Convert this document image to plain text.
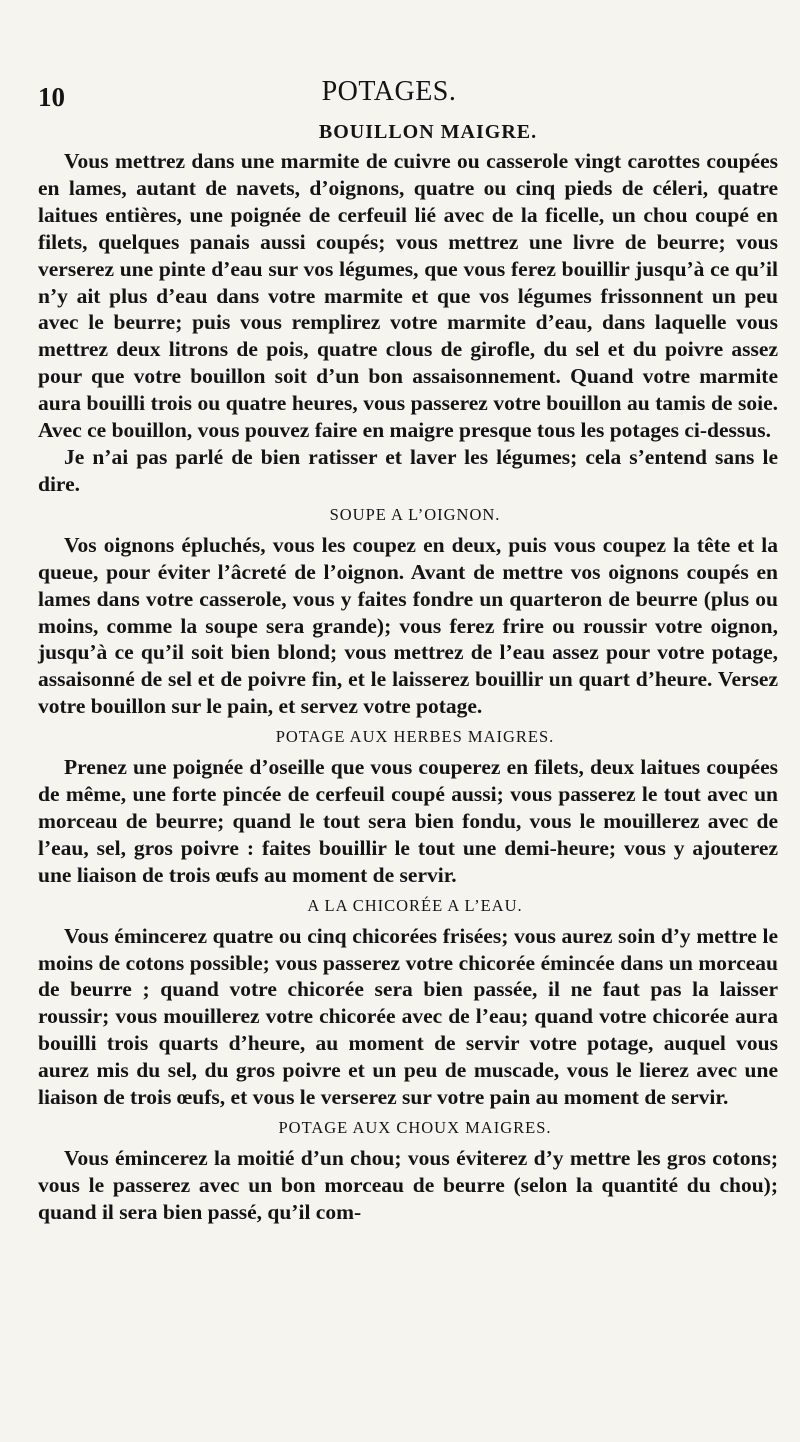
10	POTAGES.
BOUILLON MAIGRE.

Vous mettrez dans une marmite de cuivre ou casserole vingt carottes coupées en lames, autant de navets, d’oignons, quatre ou cinq pieds de céleri, quatre laitues entières, une poignée de cerfeuil lié avec de la ficelle, un chou coupé en filets, quelques panais aussi coupés; vous mettrez une livre de beurre; vous verserez une pinte d’eau sur vos légumes, que vous ferez bouillir jusqu’à ce qu’il n’y ait plus d’eau dans votre marmite et que vos légumes frissonnent un peu avec le beurre; puis vous remplirez votre marmite d’eau, dans laquelle vous mettrez deux litrons de pois, quatre clous de girofle, du sel et du poivre assez pour que votre bouillon soit d’un bon assaisonnement. Quand votre marmite aura bouilli trois ou quatre heures, vous passerez votre bouillon au tamis de soie. Avec ce bouillon, vous pouvez faire en maigre presque tous les potages ci-dessus.

Je n’ai pas parlé de bien ratisser et laver les légumes; cela s’entend sans le dire.

SOUPE A L’OIGNON.

Vos oignons épluchés, vous les coupez en deux, puis vous coupez la tête et la queue, pour éviter l’âcreté de l’oignon. Avant de mettre vos oignons coupés en lames dans votre casserole, vous y faites fondre un quarteron de beurre (plus ou moins, comme la soupe sera grande); vous ferez frire ou roussir votre oignon, jusqu’à ce qu’il soit bien blond; vous mettrez de l’eau assez pour votre potage, assaisonné de sel et de poivre fin, et le laisserez bouillir un quart d’heure. Versez votre bouillon sur le pain, et servez votre potage.

POTAGE AUX HERBES MAIGRES.

Prenez une poignée d’oseille que vous couperez en filets, deux laitues coupées de même, une forte pincée de cerfeuil coupé aussi; vous passerez le tout avec un morceau de beurre; quand le tout sera bien fondu, vous le mouillerez avec de l’eau, sel, gros poivre : faites bouillir le tout une demi-heure; vous y ajouterez une liaison de trois œufs au moment de servir.

A LA CHICORÉE A L’EAU.

Vous émincerez quatre ou cinq chicorées frisées; vous aurez soin d’y mettre le moins de cotons possible; vous passerez votre chicorée émincée dans un morceau de beurre ; quand votre chicorée sera bien passée, il ne faut pas la laisser roussir; vous mouillerez votre chicorée avec de l’eau; quand votre chicorée aura bouilli trois quarts d’heure, au moment de servir votre potage, auquel vous aurez mis du sel, du gros poivre et un peu de muscade, vous le lierez avec une liaison de trois œufs, et vous le verserez sur votre pain au moment de servir.

POTAGE AUX CHOUX MAIGRES.

Vous émincerez la moitié d’un chou; vous éviterez d’y mettre les gros cotons; vous le passerez avec un bon morceau de beurre (selon la quantité du chou); quand il sera bien passé, qu’il com-
